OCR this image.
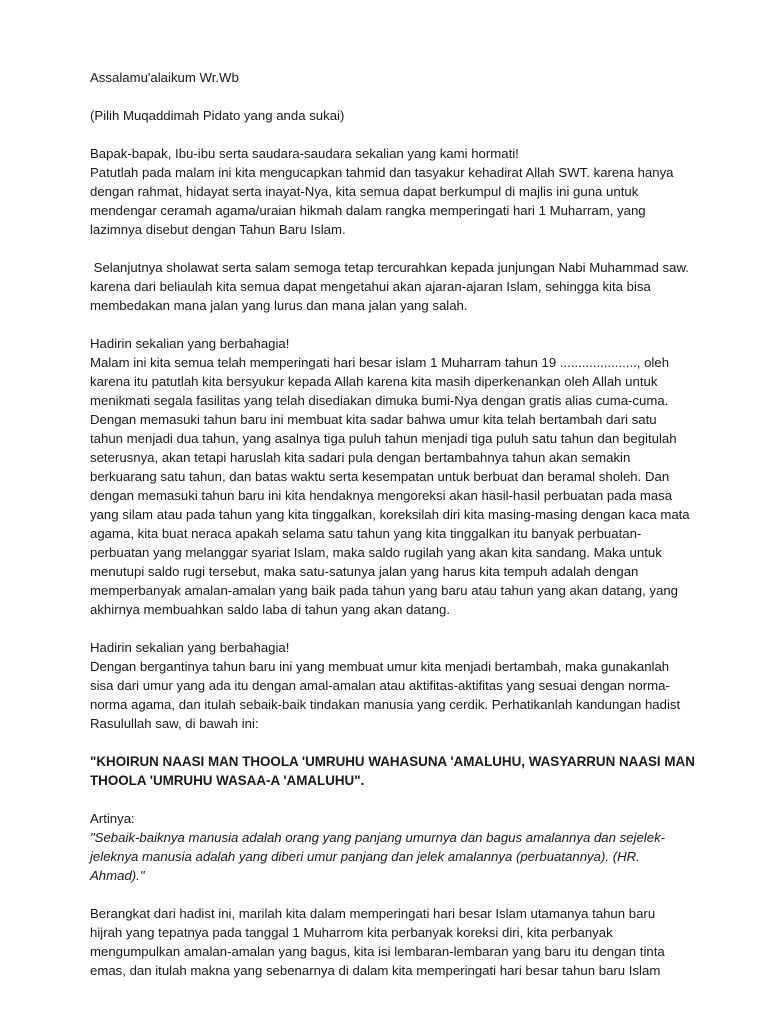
Assalamu'alaikum Wr.Wb
(Pilih Muqaddimah Pidato yang anda sukai)
Bapak-bapak, Ibu-ibu serta saudara-saudara sekalian yang kami hormati!
Patutlah pada malam ini kita mengucapkan tahmid dan tasyakur kehadirat Allah SWT. karena hanya
dengan rahmat, hidayat serta inayat-Nya, kita semua dapat berkumpul di majlis ini guna untuk
mendengar ceramah agama/uraian hikmah dalam rangka memperingati hari 1 Muharram, yang
lazimnya disebut dengan Tahun Baru Islam.
Selanjutnya sholawat serta salam semoga tetap tercurahkan kepada junjungan Nabi Muhammad saw.
karena dari beliaulah kita semua dapat mengetahui akan ajaran-ajaran Islam, sehingga kita bisa
membedakan mana jalan yang lurus dan mana jalan yang salah.
Hadirin sekalian yang berbahagia!
Malam ini kita semua telah memperingati hari besar islam 1 Muharram tahun 19 ....................., oleh
karena itu patutlah kita bersyukur kepada Allah karena kita masih diperkenankan oleh Allah untuk
menikmati segala fasilitas yang telah disediakan dimuka bumi-Nya dengan gratis alias cuma-cuma.
Dengan memasuki tahun baru ini membuat kita sadar bahwa umur kita telah bertambah dari satu
tahun menjadi dua tahun, yang asalnya tiga puluh tahun menjadi tiga puluh satu tahun dan begitulah
seterusnya, akan tetapi haruslah kita sadari pula dengan bertambahnya tahun akan semakin
berkuarang satu tahun, dan batas waktu serta kesempatan untuk berbuat dan beramal sholeh. Dan
dengan memasuki tahun baru ini kita hendaknya mengoreksi akan hasil-hasil perbuatan pada masa
yang silam atau pada tahun yang kita tinggalkan, koreksilah diri kita masing-masing dengan kaca mata
agama, kita buat neraca apakah selama satu tahun yang kita tinggalkan itu banyak perbuatan-
perbuatan yang melanggar syariat Islam, maka saldo rugilah yang akan kita sandang. Maka untuk
menutupi saldo rugi tersebut, maka satu-satunya jalan yang harus kita tempuh adalah dengan
memperbanyak amalan-amalan yang baik pada tahun yang baru atau tahun yang akan datang, yang
akhirnya membuahkan saldo laba di tahun yang akan datang.
Hadirin sekalian yang berbahagia!
Dengan bergantinya tahun baru ini yang membuat umur kita menjadi bertambah, maka gunakanlah
sisa dari umur yang ada itu dengan amal-amalan atau aktifitas-aktifitas yang sesuai dengan norma-
norma agama, dan itulah sebaik-baik tindakan manusia yang cerdik. Perhatikanlah kandungan hadist
Rasulullah saw, di bawah ini:
"KHOIRUN NAASI MAN THOOLA 'UMRUHU WAHASUNA 'AMALUHU, WASYARRUN NAASI MAN
THOOLA 'UMRUHU WASAA-A 'AMALUHU".
Artinya:
"Sebaik-baiknya manusia adalah orang yang panjang umurnya dan bagus amalannya dan sejelek-
jeleknya manusia adalah yang diberi umur panjang dan jelek amalannya (perbuatannya). (HR.
Ahmad)."
Berangkat dari hadist ini, marilah kita dalam memperingati hari besar Islam utamanya tahun baru
hijrah yang tepatnya pada tanggal 1 Muharrom kita perbanyak koreksi diri, kita perbanyak
mengumpulkan amalan-amalan yang bagus, kita isi lembaran-lembaran yang baru itu dengan tinta
emas, dan itulah makna yang sebenarnya di dalam kita memperingati hari besar tahun baru Islam
